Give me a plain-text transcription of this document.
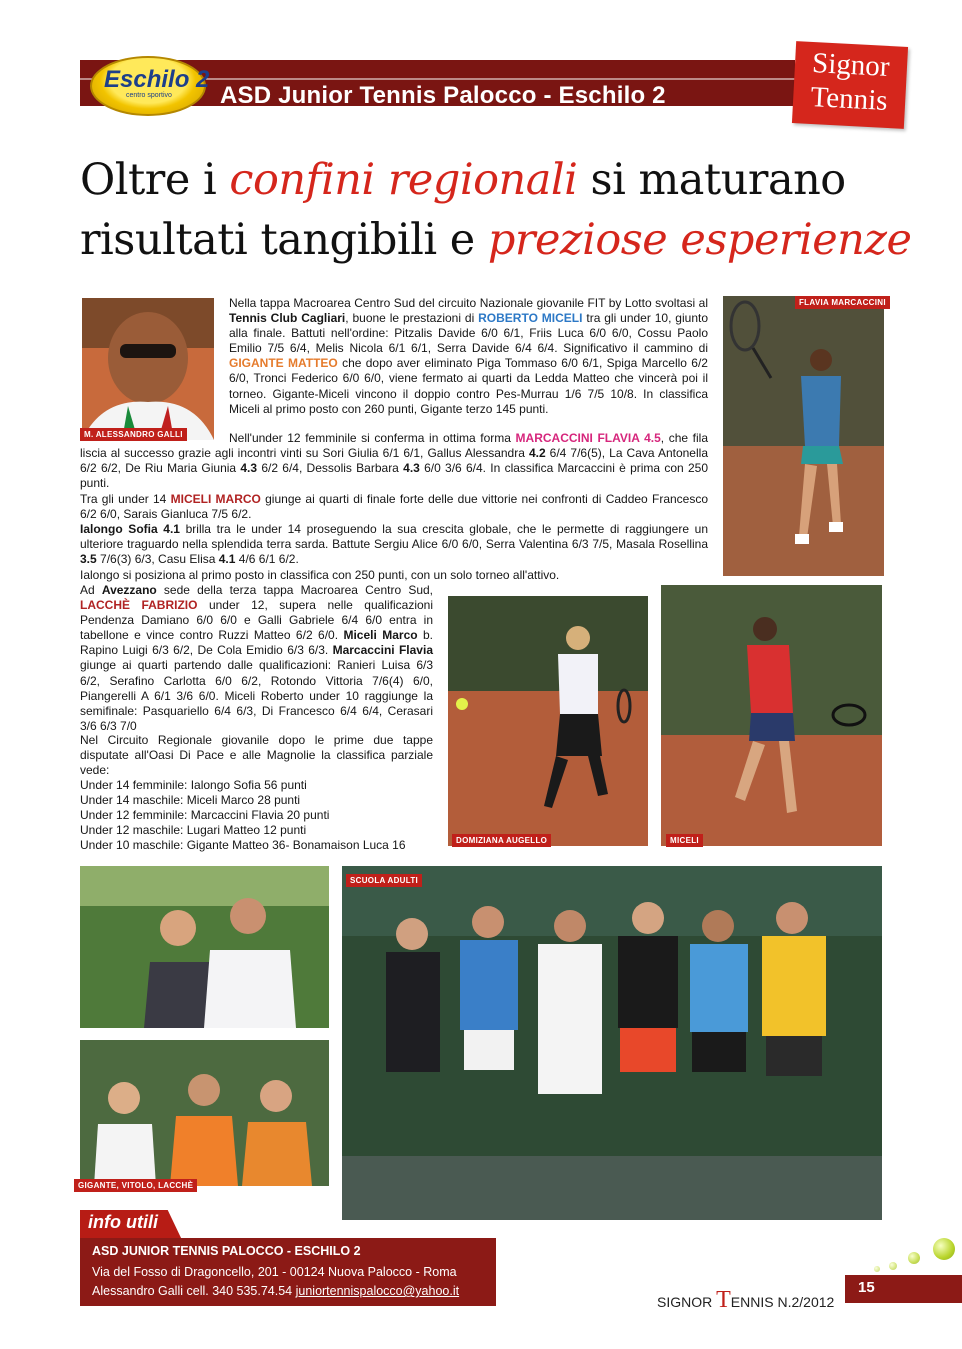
Eschilo 2
centro sportivo ASD Junior Tennis Palocco - Eschilo 2
Signor
Tennis
Oltre i confini regionali si maturano
risultati tangibili e preziose esperienze
M. ALESSANDRO GALLI
FLAVIA MARCACCINI
DOMIZIANA AUGELLO	MICELI
Nella tappa Macroarea Centro Sud del circuito Nazionale giovanile FIT by Lotto svoltasi al Tennis Club Cagliari, buone le prestazioni di ROBERTO MICELI tra gli under 10, giunto alla finale. Battuti nell'ordine: Pitzalis Davide 6/0 6/1, Friis Luca 6/0 6/0, Cossu Paolo Emilio 7/5 6/4, Melis Nicola 6/1 6/1, Serra Davide 6/4 6/4. Significativo il cammino di GIGANTE MATTEO che dopo aver eliminato Piga Tommaso 6/0 6/1, Spiga Marcello 6/2 6/0, Tronci Federico 6/0 6/0, viene fermato ai quarti da Ledda Matteo che vincerà poi il torneo. Gigante-Miceli vincono il doppio contro Pes-Murrau 1/6 7/5 10/8. In classifica Miceli al primo posto con 260 punti, Gigante terzo 145 punti.
Nell'under 12 femminile si conferma in ottima forma MARCACCINI FLAVIA 4.5, che fila liscia al successo grazie agli incontri vinti su Sori Giulia 6/1 6/1, Gallus Alessandra 4.2 6/4 7/6(5), La Cava Antonella 6/2 6/2, De Riu Maria Giunia 4.3 6/2 6/4, Dessolis Barbara 4.3 6/0 3/6 6/4. In classifica Marcaccini è prima con 250 punti.
Tra gli under 14 MICELI MARCO giunge ai quarti di finale forte delle due vittorie nei confronti di Caddeo Francesco 6/2 6/0, Sarais Gianluca 7/5 6/2.
Ialongo Sofia 4.1 brilla tra le under 14 proseguendo la sua crescita globale, che le permette di raggiungere un ulteriore traguardo nella splendida terra sarda. Battute Sergiu Alice 6/0 6/0, Serra Valentina 6/3 7/5, Masala Rosellina 3.5 7/6(3) 6/3, Casu Elisa 4.1 4/6 6/1 6/2.
Ialongo si posiziona al primo posto in classifica con 250 punti, con un solo torneo all'attivo.
Ad Avezzano sede della terza tappa Macroarea Centro Sud, LACCHÈ FABRIZIO under 12, supera nelle qualificazioni Pendenza Damiano 6/0 6/0 e Galli Gabriele 6/4 6/0 entra in tabellone e vince contro Ruzzi Matteo 6/2 6/0. Miceli Marco b. Rapino Luigi 6/3 6/2, De Cola Emidio 6/3 6/3. Marcaccini Flavia giunge ai quarti partendo dalle qualificazioni: Ranieri Luisa 6/3 6/2, Serafino Carlotta 6/0 6/2, Rotondo Vittoria 7/6(4) 6/0, Piangerelli A 6/1 3/6 6/0. Miceli Roberto under 10 raggiunge la semifinale: Pasquariello 6/4 6/3, Di Francesco 6/4 6/4, Cerasari 3/6 6/3 7/0
Nel Circuito Regionale giovanile dopo le prime due tappe disputate all'Oasi Di Pace e alle Magnolie la classifica parziale vede:
Under 14 femminile: Ialongo Sofia 56 punti
Under 14 maschile: Miceli Marco 28 punti
Under 12 femminile: Marcaccini Flavia 20 punti
Under 12 maschile: Lugari Matteo 12 punti
Under 10 maschile: Gigante Matteo 36- Bonamaison Luca 16
GIGANTE, VITOLO, LACCHÈ
SCUOLA ADULTI
info utili
ASD JUNIOR TENNIS PALOCCO - ESCHILO 2
Via del Fosso di Dragoncello, 201 - 00124 Nuova Palocco - Roma
Alessandro Galli cell. 340 535.74.54 juniortennispalocco@yahoo.it
SIGNOR TENNIS N.2/2012
15
